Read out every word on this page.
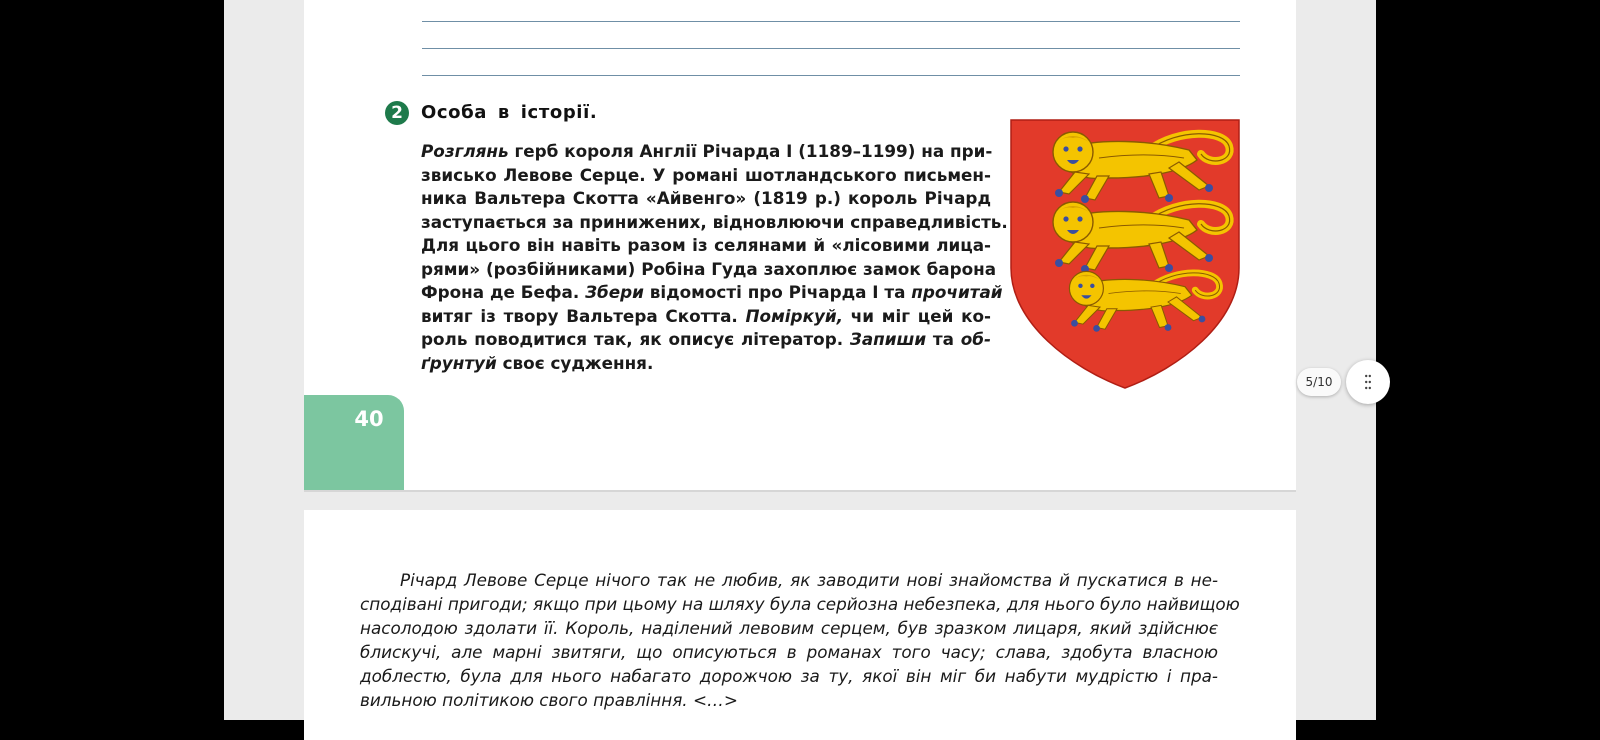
2	Особа в історії.
Розглянь герб короля Англії Річарда I (1189–1199) на при-
звисько Левове Серце. У романі шотландського письмен-
ника Вальтера Скотта «Айвенго» (1819 р.) король Річард
заступається за принижених, відновлюючи справедливість.
Для цього він навіть разом із селянами й «лісовими лица-
рями» (розбійниками) Робіна Гуда захоплює замок барона
Фрона де Бефа. Збери відомості про Річарда I та прочитай
витяг із твору Вальтера Скотта. Поміркуй, чи міг цей ко-
роль поводитися так, як описує літератор. Запиши та об-
ґрунтуй своє судження.
40
Річард Левове Серце нічого так не любив, як заводити нові знайомства й пускатися в не-
сподівані пригоди; якщо при цьому на шляху була серйозна небезпека, для нього було найвищою
насолодою здолати її. Король, наділений левовим серцем, був зразком лицаря, який здійснює
блискучі, але марні звитяги, що описуються в романах того часу; слава, здобута власною
доблестю, була для нього набагато дорожчою за ту, якої він міг би набути мудрістю і пра-
вильною політикою свого правління. <…>
5/10
